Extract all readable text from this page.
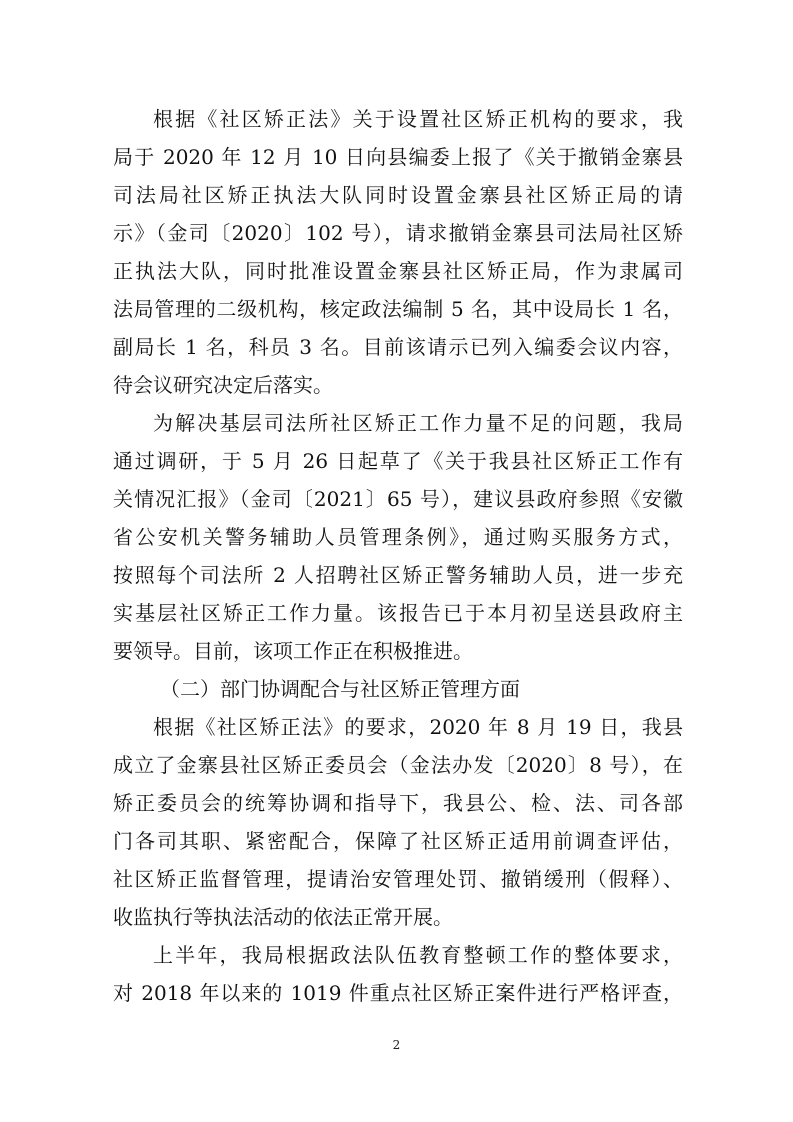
根据《社区矫正法》关于设置社区矫正机构的要求，我
局于 2020 年 12 月 10 日向县编委上报了《关于撤销金寨县
司法局社区矫正执法大队同时设置金寨县社区矫正局的请
示》（金司〔2020〕102 号），请求撤销金寨县司法局社区矫
正执法大队，同时批准设置金寨县社区矫正局，作为隶属司
法局管理的二级机构，核定政法编制 5 名，其中设局长 1 名，
副局长 1 名，科员 3 名。目前该请示已列入编委会议内容，
待会议研究决定后落实。
为解决基层司法所社区矫正工作力量不足的问题，我局
通过调研，于 5 月 26 日起草了《关于我县社区矫正工作有
关情况汇报》（金司〔2021〕65 号），建议县政府参照《安徽
省公安机关警务辅助人员管理条例》，通过购买服务方式，
按照每个司法所 2 人招聘社区矫正警务辅助人员，进一步充
实基层社区矫正工作力量。该报告已于本月初呈送县政府主
要领导。目前，该项工作正在积极推进。
（二）部门协调配合与社区矫正管理方面
根据《社区矫正法》的要求，2020 年 8 月 19 日，我县
成立了金寨县社区矫正委员会（金法办发〔2020〕8 号），在
矫正委员会的统筹协调和指导下，我县公、检、法、司各部
门各司其职、紧密配合，保障了社区矫正适用前调查评估，
社区矫正监督管理，提请治安管理处罚、撤销缓刑（假释）、
收监执行等执法活动的依法正常开展。
上半年，我局根据政法队伍教育整顿工作的整体要求，
对 2018 年以来的 1019 件重点社区矫正案件进行严格评查，
2
